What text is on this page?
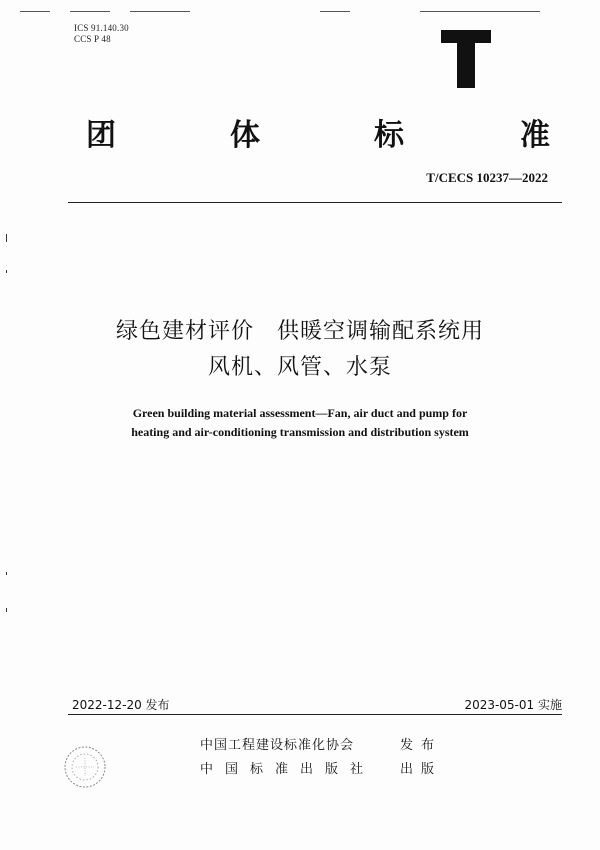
ICS 91.140.30
CCS P 48
团	体	标	准
T/CECS 10237—2022
绿色建材评价　供暖空调输配系统用
风机、风管、水泵
Green building material assessment—Fan, air duct and pump for
heating and air-conditioning transmission and distribution system
2022-12-20 发布	2023-05-01 实施
中国工程建设标准化协会	发布
中国标准出版社 出版
